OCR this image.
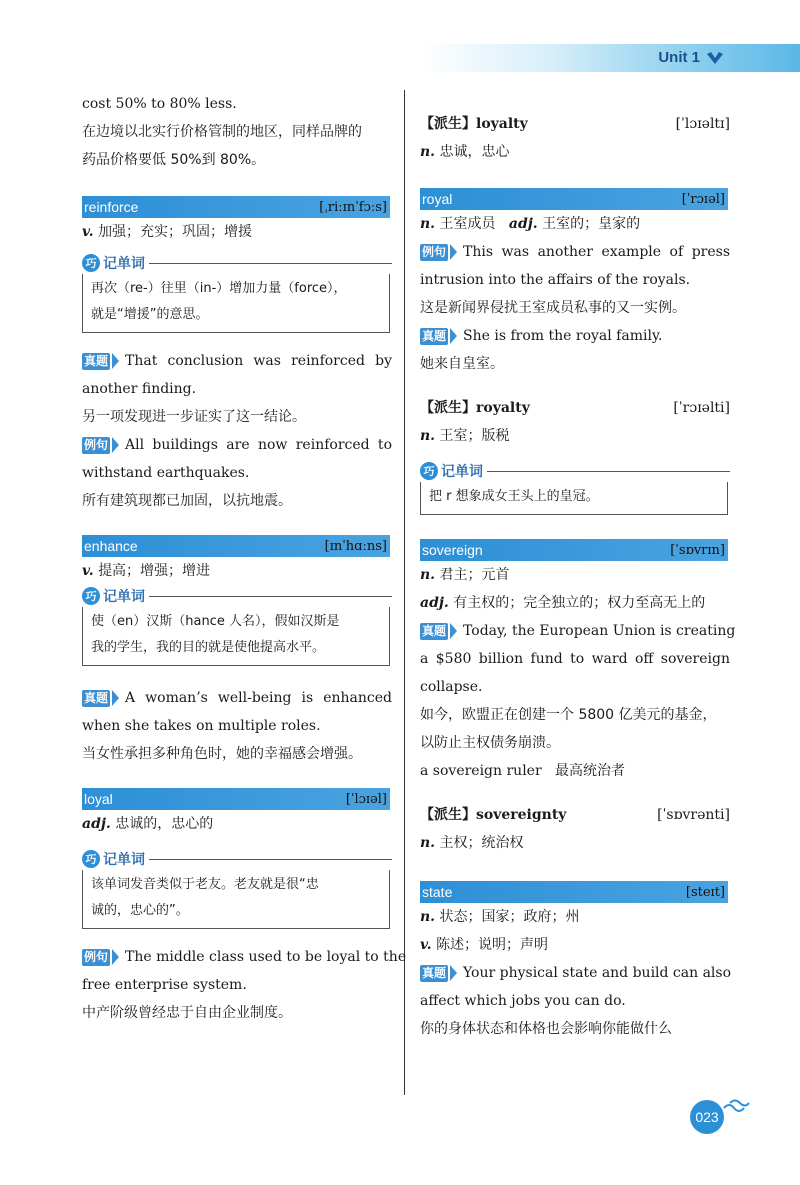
Unit 1
cost 50% to 80% less.
在边境以北实行价格管制的地区，同样品牌的
药品价格要低 50%到 80%。
reinforce	[ˌriːɪnˈfɔːs]
v. 加强；充实；巩固；增援
巧 记单词
再次（re-）往里（in-）增加力量（force），
就是“增援”的意思。
真题 That conclusion was reinforced by
another finding.
另一项发现进一步证实了这一结论。
例句 All buildings are now reinforced to
withstand earthquakes.
所有建筑现都已加固，以抗地震。
enhance	[ɪnˈhɑːns]
v. 提高；增强；增进
巧 记单词
使（en）汉斯（hance 人名），假如汉斯是
我的学生，我的目的就是使他提高水平。
真题 A woman’s well-being is enhanced
when she takes on multiple roles.
当女性承担多种角色时，她的幸福感会增强。
loyal	[ˈlɔɪəl]
adj. 忠诚的，忠心的
巧 记单词
该单词发音类似于老友。老友就是很“忠
诚的，忠心的”。
例句 The middle class used to be loyal to the
free enterprise system.
中产阶级曾经忠于自由企业制度。
【派生】loyalty	[ˈlɔɪəltɪ]
n. 忠诚，忠心
royal	[ˈrɔɪəl]
n. 王室成员 adj. 王室的；皇家的
例句 This was another example of press
intrusion into the affairs of the royals.
这是新闻界侵扰王室成员私事的又一实例。
真题 She is from the royal family.
她来自皇室。
【派生】royalty	[ˈrɔɪəlti]
n. 王室；版税
巧 记单词
把 r 想象成女王头上的皇冠。
sovereign	[ˈsɒvrɪn]
n. 君主；元首
adj. 有主权的；完全独立的；权力至高无上的
真题 Today, the European Union is creating
a $580 billion fund to ward off sovereign
collapse.
如今，欧盟正在创建一个 5800 亿美元的基金，
以防止主权债务崩溃。
a sovereign ruler 最高统治者
【派生】sovereignty	[ˈsɒvrənti]
n. 主权；统治权
state	[steɪt]
n. 状态；国家；政府；州
v. 陈述；说明；声明
真题 Your physical state and build can also
affect which jobs you can do.
你的身体状态和体格也会影响你能做什么
023
